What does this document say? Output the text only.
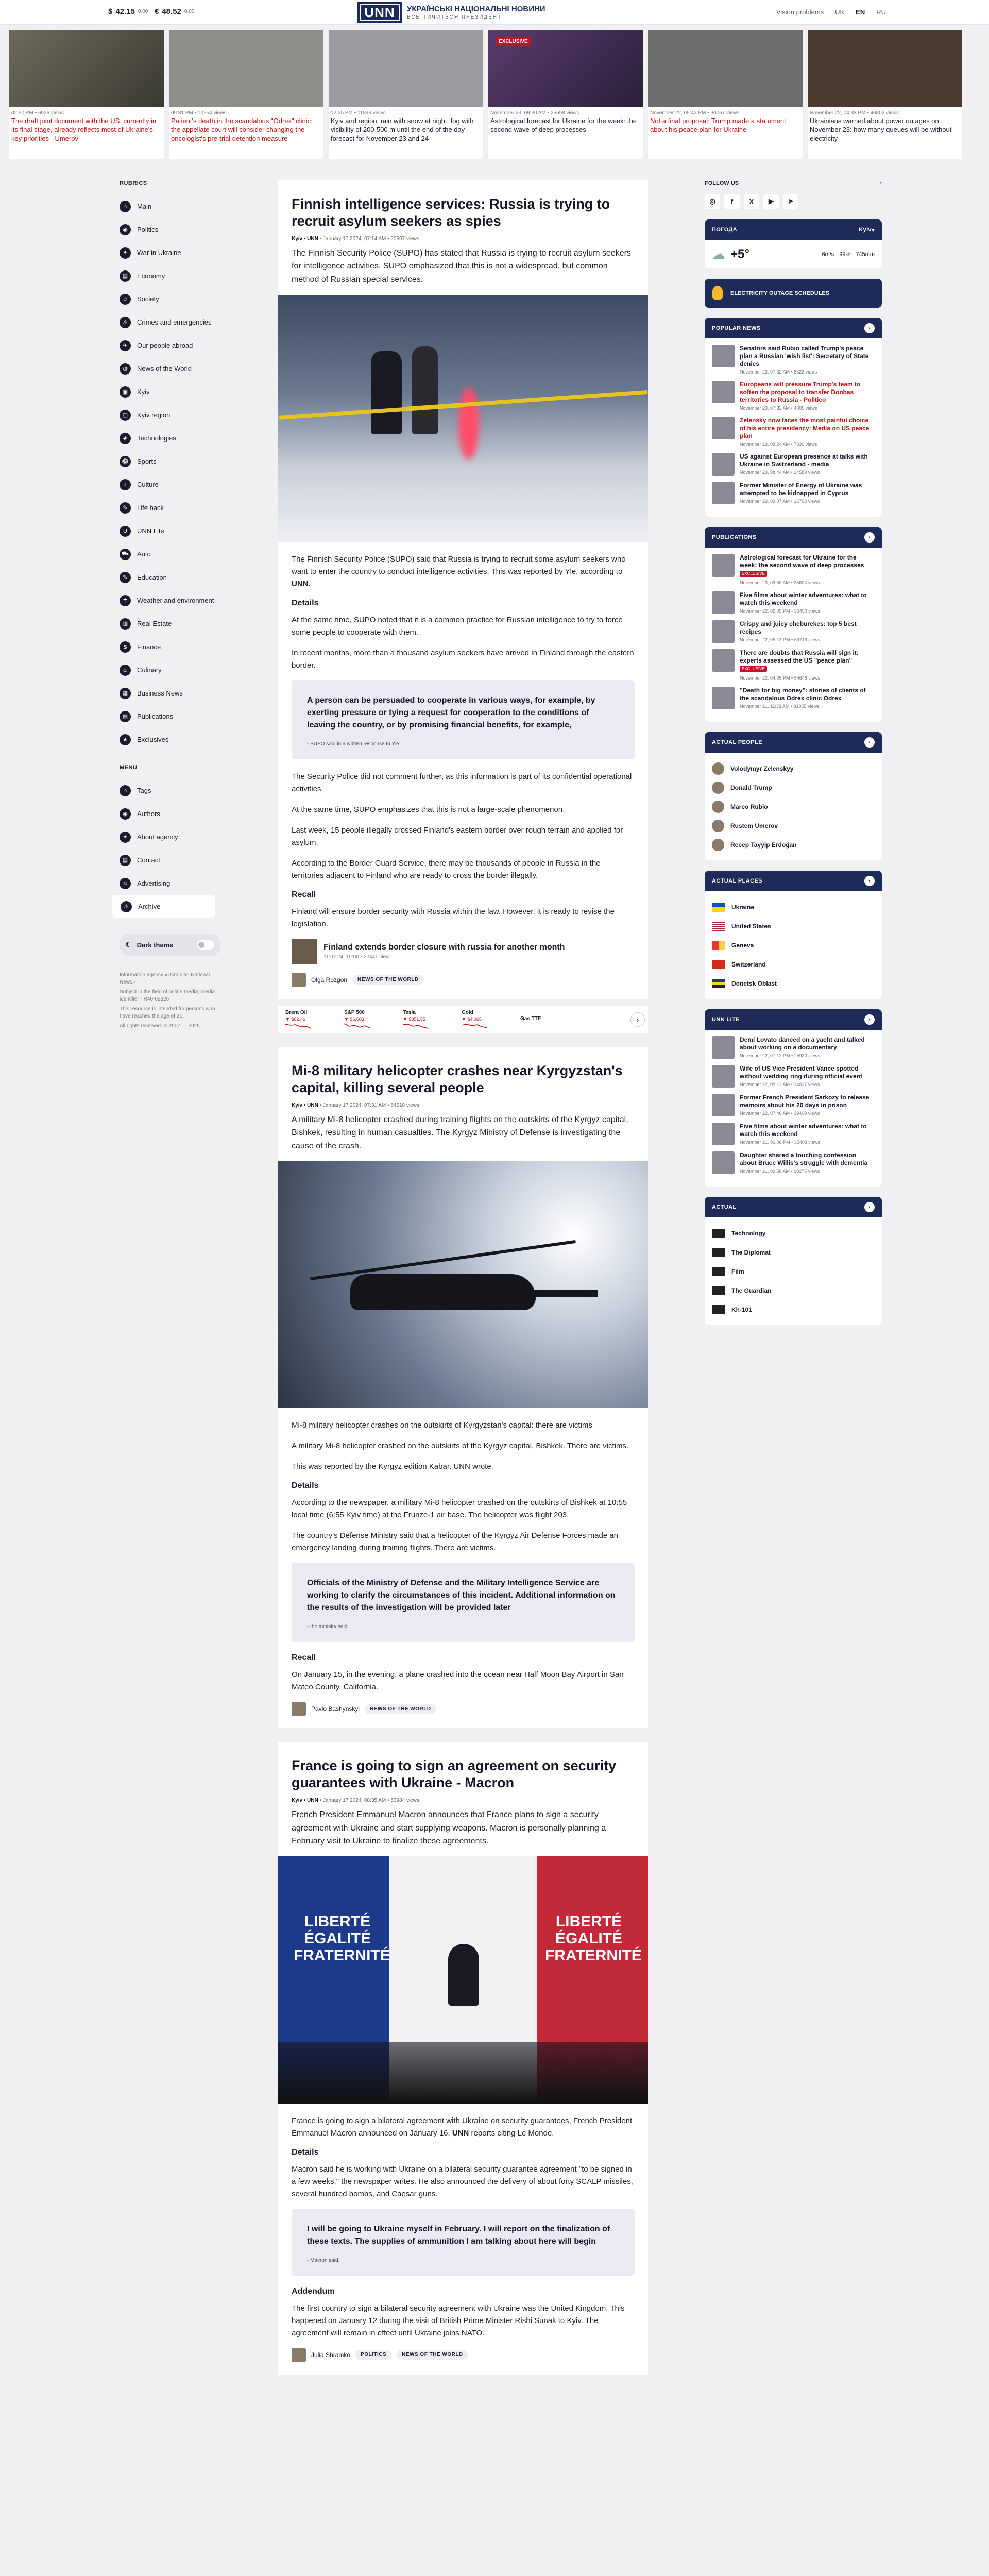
$ 42.15 0.00 € 48.52 0.00	UNN	УКРАЇНСЬКІ НАЦІОНАЛЬНІ НОВИНИ
ВСЕ ТИЧИТЬСЯ ПРЕЗИДЕНТ
Vision problems UK EN RU
02:50 PM • 6926 views
The draft joint document with the US, currently in its final stage, already reflects most of Ukraine's key priorities - Umerov
09:31 PM • 10254 views
Patient's death in the scandalous "Odrex" clinic: the appellate court will consider changing the oncologist's pre-trial detention measure
12:25 PM • 11896 views
Kyiv and region: rain with snow at night, fog with visibility of 200-500 m until the end of the day - forecast for November 23 and 24
EXCLUSIVE
November 23, 09:30 AM • 25598 views
Astrological forecast for Ukraine for the week: the second wave of deep processes
November 22, 05:42 PM • 30067 views
Not a final proposal: Trump made a statement about his peace plan for Ukraine
November 22, 04:38 PM • 46802 views
Ukrainians warned about power outages on November 23: how many queues will be without electricity
RUBRICS
⌂	Main
◉	Politics
✦	War in Ukraine
▤	Economy
☺	Society
⚠	Crimes and emergencies
✈	Our people abroad
◍	News of the World
▣	Kyiv
▢	Kyiv region
◈	Technologies
⚽	Sports
♪	Culture
✎	Life hack
U	UNN Lite
⛟	Auto
✎	Education
☂	Weather and environment
▥	Real Estate
$	Finance
♨	Culinary
▦	Business News
▤	Publications
★	Exclusives
MENU
⌂	Tags
◉	Authors
✦	About agency
▤	Contact
☺	Advertising
⚠	Archive
☾ Dark theme
Information agency «Ukrainian National News»
Subject in the field of online media; media identifier - R40-05326
This resource is intended for persons who have reached the age of 21.
All rights reserved. © 2007 — 2025
Finnish intelligence services: Russia is trying to recruit asylum seekers as spies
Kyiv • UNN • January 17 2024, 07:14 AM • 20697 views

The Finnish Security Police (SUPO) has stated that Russia is trying to recruit asylum seekers for intelligence activities. SUPO emphasized that this is not a widespread, but common method of Russian special services.

The Finnish Security Police (SUPO) said that Russia is trying to recruit some asylum seekers who want to enter the country to conduct intelligence activities. This was reported by Yle, according to UNN.

Details

At the same time, SUPO noted that it is a common practice for Russian intelligence to try to force some people to cooperate with them.

In recent months, more than a thousand asylum seekers have arrived in Finland through the eastern border.

A person can be persuaded to cooperate in various ways, for example, by exerting pressure or tying a request for cooperation to the conditions of leaving the country, or by promising financial benefits, for example,

- SUPO said in a written response to Yle.

The Security Police did not comment further, as this information is part of its confidential operational activities.

At the same time, SUPO emphasizes that this is not a large-scale phenomenon.

Last week, 15 people illegally crossed Finland's eastern border over rough terrain and applied for asylum.

According to the Border Guard Service, there may be thousands of people in Russia in the territories adjacent to Finland who are ready to cross the border illegally.

Recall

Finland will ensure border security with Russia within the law. However, it is ready to revise the legislation.

Finland extends border closure with russia for another month
11:07 24. 10:00 • 22441 view
Olga Rozgon	NEWS OF THE WORLD
Brent Oil
▼ $62.46
S&P 500
▼ $6,603
Tesla
▼ $351.55
Gold
▼ $4,065	Gas TTF	›
Mi-8 military helicopter crashes near Kyrgyzstan's capital, killing several people
Kyiv • UNN • January 17 2024, 07:31 AM • 54618 views

A military Mi-8 helicopter crashed during training flights on the outskirts of the Kyrgyz capital, Bishkek, resulting in human casualties. The Kyrgyz Ministry of Defense is investigating the cause of the crash.

Mi-8 military helicopter crashes on the outskirts of Kyrgyzstan's capital: there are victims

A military Mi-8 helicopter crashed on the outskirts of the Kyrgyz capital, Bishkek. There are victims.

This was reported by the Kyrgyz edition Kabar. UNN wrote.

Details

According to the newspaper, a military Mi-8 helicopter crashed on the outskirts of Bishkek at 10:55 local time (6:55 Kyiv time) at the Frunze-1 air base. The helicopter was flight 203.

The country's Defense Ministry said that a helicopter of the Kyrgyz Air Defense Forces made an emergency landing during training flights. There are victims.

Officials of the Ministry of Defense and the Military Intelligence Service are working to clarify the circumstances of this incident. Additional information on the results of the investigation will be provided later

- the ministry said.
Recall

On January 15, in the evening, a plane crashed into the ocean near Half Moon Bay Airport in San Mateo County, California.

Pavlo Bashynskyi	NEWS OF THE WORLD
France is going to sign an agreement on security guarantees with Ukraine - Macron
Kyiv • UNN • January 17 2024, 08:35 AM • 53984 views

French President Emmanuel Macron announces that France plans to sign a security agreement with Ukraine and start supplying weapons. Macron is personally planning a February visit to Ukraine to finalize these agreements.

LIBERTÉ ÉGALITÉ FRATERNITÉ
LIBERTÉ ÉGALITÉ FRATERNITÉ

France is going to sign a bilateral agreement with Ukraine on security guarantees, French President Emmanuel Macron announced on January 16, UNN reports citing Le Monde.

Details

Macron said he is working with Ukraine on a bilateral security guarantee agreement "to be signed in a few weeks," the newspaper writes. He also announced the delivery of about forty SCALP missiles, several hundred bombs, and Caesar guns.

I will be going to Ukraine myself in February. I will report on the finalization of these texts. The supplies of ammunition I am talking about here will begin

- Macron said.
Addendum

The first country to sign a bilateral security agreement with Ukraine was the United Kingdom. This happened on January 12 during the visit of British Prime Minister Rishi Sunak to Kyiv. The agreement will remain in effect until Ukraine joins NATO.

Julia Shramko	POLITICS	NEWS OF THE WORLD
FOLLOW US	›
◎	f	X	▶	➤
ПОГОДА	Kyiv ▾
☁ +5°	6m/s 99% 745mm
ELECTRICITY OUTAGE SCHEDULES
POPULAR NEWS	›
Senators said Rubio called Trump's peace plan a Russian 'wish list': Secretary of State denies
November 23, 07:32 AM • 8522 views
Europeans will pressure Trump's team to soften the proposal to transfer Donbas territories to Russia - Politico
November 23, 07:32 AM • 4805 views
Zelensky now faces the most painful choice of his entire presidency: Media on US peace plan
November 23, 08:24 AM • 7330 views
US against European presence at talks with Ukraine in Switzerland - media
November 23, 08:44 AM • 14588 views
Former Minister of Energy of Ukraine was attempted to be kidnapped in Cyprus
November 23, 09:07 AM • 16798 views
PUBLICATIONS	›
Astrological forecast for Ukraine for the week: the second wave of deep processes
EXCLUSIVE
November 23, 09:30 AM • 25603 views
Five films about winter adventures: what to watch this weekend
November 22, 06:05 PM • 30450 views
Crispy and juicy cheburekes: top 5 best recipes
November 22, 05:13 PM • 69719 views
There are doubts that Russia will sign it: experts assessed the US "peace plan"
EXCLUSIVE
November 22, 04:05 PM • 54648 views
"Death for big money": stories of clients of the scandalous Odrex clinic Odrex
November 21, 11:38 AM • 81055 views
ACTUAL PEOPLE	›
Volodymyr Zelenskyy
Donald Trump
Marco Rubio
Rustem Umerov
Recep Tayyip Erdoğan
ACTUAL PLACES	›
Ukraine
United States
Geneva
Switzerland
Donetsk Oblast
UNN LITE	›
Demi Lovato danced on a yacht and talked about working on a documentary
November 22, 07:12 PM • 25980 views
Wife of US Vice President Vance spotted without wedding ring during official event
November 22, 08:13 AM • 34817 views
Former French President Sarkozy to release memoirs about his 20 days in prison
November 22, 07:46 AM • 39409 views
Five films about winter adventures: what to watch this weekend
November 21, 06:06 PM • 35408 views
Daughter shared a touching confession about Bruce Willis's struggle with dementia
November 21, 09:58 AM • 90275 views
ACTUAL	›
Technology
The Diplomat
Film
The Guardian
Kh-101
